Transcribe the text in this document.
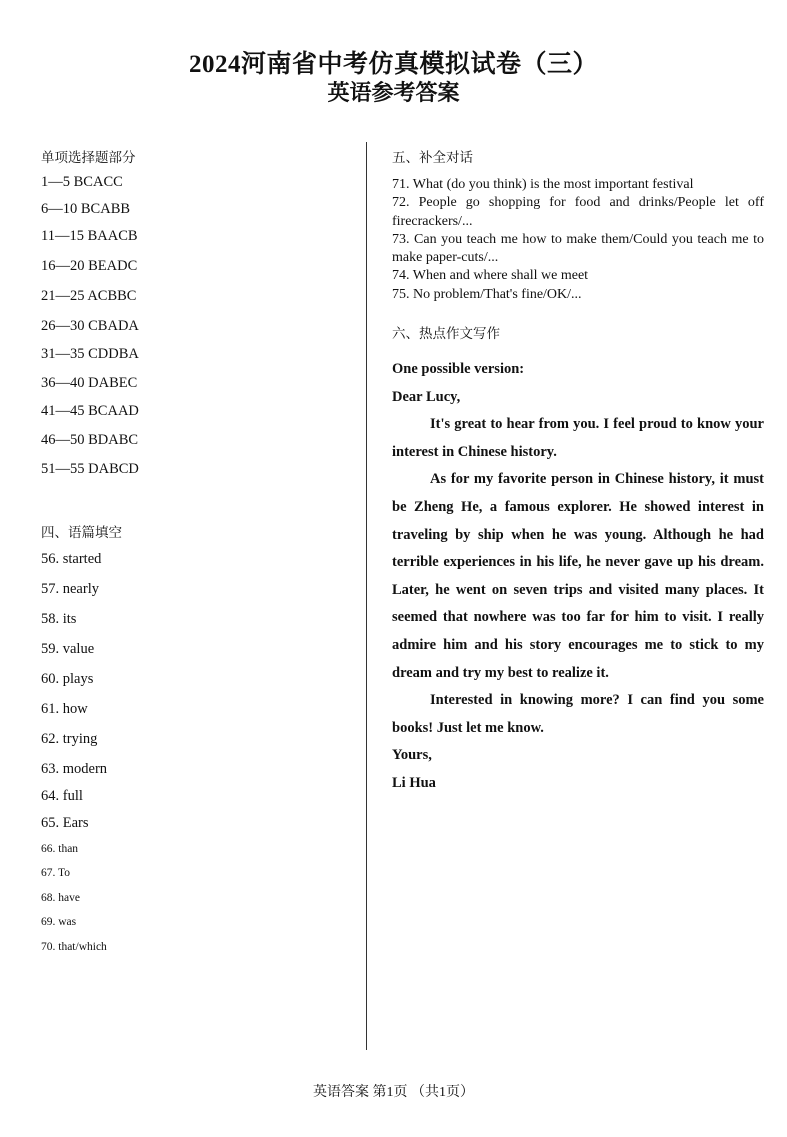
2024河南省中考仿真模拟试卷（三）
英语参考答案
单项选择题部分
1—5 BCACC
6—10 BCABB
11—15 BAACB
16—20 BEADC
21—25 ACBBC
26—30 CBADA
31—35 CDDBA
36—40 DABEC
41—45 BCAAD
46—50 BDABC
51—55 DABCD
四、语篇填空
56. started
57. nearly
58. its
59. value
60. plays
61. how
62. trying
63. modern
64. full
65. Ears
66. than
67. To
68. have
69. was
70. that/which
五、补全对话

71. What (do you think) is the most important festival

72. People go shopping for food and drinks/People let off firecrackers/...

73. Can you teach me how to make them/Could you teach me to make paper-cuts/...

74. When and where shall we meet

75. No problem/That's fine/OK/...

六、热点作文写作

One possible version:

Dear Lucy,

It's great to hear from you. I feel proud to know your interest in Chinese history.

As for my favorite person in Chinese history, it must be Zheng He, a famous explorer. He showed interest in traveling by ship when he was young. Although he had terrible experiences in his life, he never gave up his dream. Later, he went on seven trips and visited many places. It seemed that nowhere was too far for him to visit. I really admire him and his story encourages me to stick to my dream and try my best to realize it.

Interested in knowing more? I can find you some books! Just let me know.

Yours,

Li Hua

英语答案 第1页 （共1页）
